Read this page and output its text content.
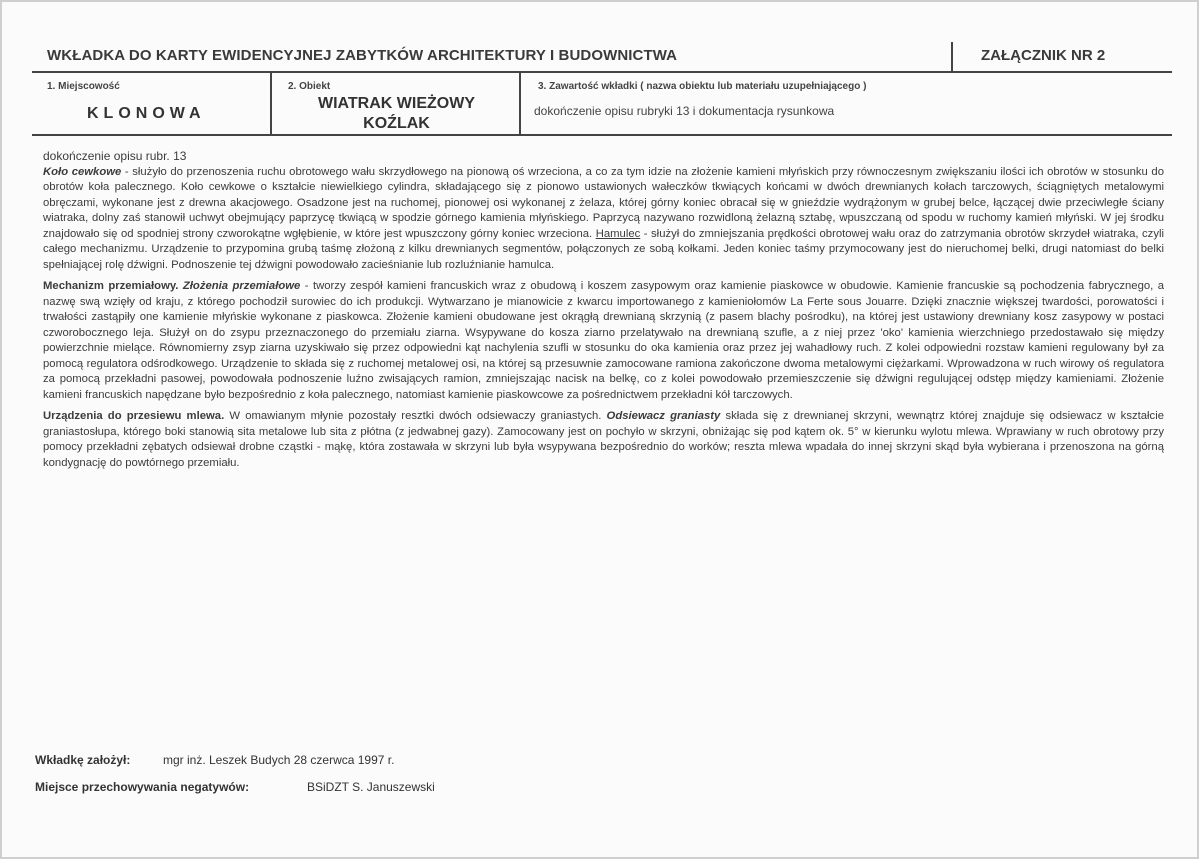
WKŁADKA DO KARTY EWIDENCYJNEJ ZABYTKÓW ARCHITEKTURY I BUDOWNICTWA	ZAŁĄCZNIK NR 2
1. Miejscowość
KLONOWA
2. Obiekt
WIATRAK WIEŻOWY
KOŹLAK
3. Zawartość wkładki ( nazwa obiektu lub materiału uzupełniającego )
dokończenie opisu rubryki 13 i dokumentacja rysunkowa

dokończenie opisu rubr. 13

Koło cewkowe - służyło do przenoszenia ruchu obrotowego wału skrzydłowego na pionową oś wrzeciona, a co za tym idzie na złożenie kamieni młyńskich przy równoczesnym zwiększaniu ilości ich obrotów w stosunku do obrotów koła palecznego. Koło cewkowe o kształcie niewielkiego cylindra, składającego się z pionowo ustawionych wałeczków tkwiących końcami w dwóch drewnianych kołach tarczowych, ściągniętych metalowymi obręczami, wykonane jest z drewna akacjowego. Osadzone jest na ruchomej, pionowej osi wykonanej z żelaza, której górny koniec obracał się w gnieździe wydrążonym w grubej belce, łączącej dwie przeciwległe ściany wiatraka, dolny zaś stanowił uchwyt obejmujący paprzycę tkwiącą w spodzie górnego kamienia młyńskiego. Paprzycą nazywano rozwidloną żelazną sztabę, wpuszczaną od spodu w ruchomy kamień młyński. W jej środku znajdowało się od spodniej strony czworokątne wgłębienie, w które jest wpuszczony górny koniec wrzeciona. Hamulec - służył do zmniejszania prędkości obrotowej wału oraz do zatrzymania obrotów skrzydeł wiatraka, czyli całego mechanizmu. Urządzenie to przypomina grubą taśmę złożoną z kilku drewnianych segmentów, połączonych ze sobą kołkami. Jeden koniec taśmy przymocowany jest do nieruchomej belki, drugi natomiast do belki spełniającej rolę dźwigni. Podnoszenie tej dźwigni powodowało zacieśnianie lub rozluźnianie hamulca.

Mechanizm przemiałowy. Złożenia przemiałowe - tworzy zespół kamieni francuskich wraz z obudową i koszem zasypowym oraz kamienie piaskowce w obudowie. Kamienie francuskie są pochodzenia fabrycznego, a nazwę swą wzięły od kraju, z którego pochodził surowiec do ich produkcji. Wytwarzano je mianowicie z kwarcu importowanego z kamieniołomów La Ferte sous Jouarre. Dzięki znacznie większej twardości, porowatości i trwałości zastąpiły one kamienie młyńskie wykonane z piaskowca. Złożenie kamieni obudowane jest okrągłą drewnianą skrzynią (z pasem blachy pośrodku), na której jest ustawiony drewniany kosz zasypowy w postaci czworobocznego leja. Służył on do zsypu przeznaczonego do przemiału ziarna. Wsypywane do kosza ziarno przelatywało na drewnianą szufle, a z niej przez 'oko' kamienia wierzchniego przedostawało się między powierzchnie mielące. Równomierny zsyp ziarna uzyskiwało się przez odpowiedni kąt nachylenia szufli w stosunku do oka kamienia oraz przez jej wahadłowy ruch. Z kolei odpowiedni rozstaw kamieni regulowany był za pomocą regulatora odśrodkowego. Urządzenie to składa się z ruchomej metalowej osi, na której są przesuwnie zamocowane ramiona zakończone dwoma metalowymi ciężarkami. Wprowadzona w ruch wirowy oś regulatora za pomocą przekładni pasowej, powodowała podnoszenie luźno zwisających ramion, zmniejszając nacisk na belkę, co z kolei powodowało przemieszczenie się dźwigni regulującej odstęp między kamieniami. Złożenie kamieni francuskich napędzane było bezpośrednio z koła palecznego, natomiast kamienie piaskowcowe za pośrednictwem przekładni kół tarczowych.

Urządzenia do przesiewu mlewa. W omawianym młynie pozostały resztki dwóch odsiewaczy graniastych. Odsiewacz graniasty składa się z drewnianej skrzyni, wewnątrz której znajduje się odsiewacz w kształcie graniastosłupa, którego boki stanowią sita metalowe lub sita z płótna (z jedwabnej gazy). Zamocowany jest on pochyło w skrzyni, obniżając się pod kątem ok. 5° w kierunku wylotu mlewa. Wprawiany w ruch obrotowy przy pomocy przekładni zębatych odsiewał drobne cząstki - mąkę, która zostawała w skrzyni lub była wsypywana bezpośrednio do worków; reszta mlewa wpadała do innej skrzyni skąd była wybierana i przenoszona na górną kondygnację do powtórnego przemiału.

Wkładkę założył:	mgr inż. Leszek Budych 28 czerwca 1997 r.
Miejsce przechowywania negatywów:	BSiDZT S. Januszewski
